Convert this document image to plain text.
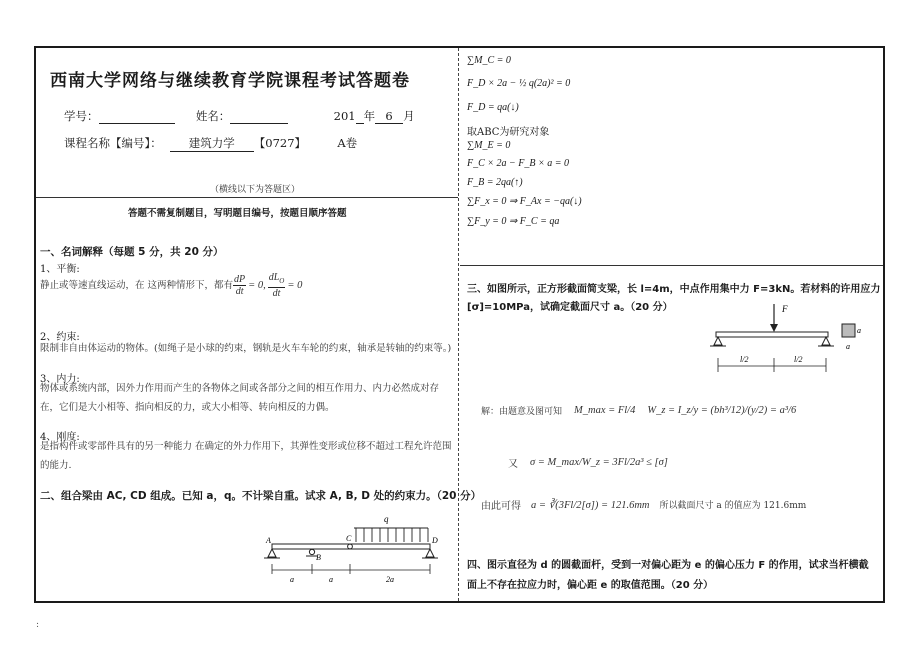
西南大学网络与继续教育学院课程考试答题卷
学号：	姓名：	201 年 6 月
课程名称【编号】： 建筑力学 【0727】	A卷
（横线以下为答题区）
答题不需复制题目，写明题目编号，按题目顺序答题
一、名词解释（每题 5 分，共 20 分）
1、平衡:
静止或等速直线运动，在 这两种情形下，都有 $\frac{dP}{dt} = 0$, $\frac{dL_O}{dt} = 0$
2、约束:
限制非自由体运动的物体。(如绳子是小球的约束，钢轨是火车车轮的约束，轴承是转轴的约束等。)
3、内力:
物体或系统内部，因外力作用而产生的各物体之间或各部分之间的相互作用力、内力必然成对存在，它们是大小相等、指向相反的力，或大小相等、转向相反的力偶。
4、刚度:
是指构件或零部件具有的另一种能力 在确定的外力作用下，其弹性变形或位移不超过工程允许范围的能力.
二、组合梁由 AC, CD 组成。已知 a，q。不计梁自重。试求 A, B, D 处的约束力。（20 分）
q
A	C	D
B
a	a	2a
∑M_C = 0
F_D × 2a − ½ q(2a)² = 0
F_D = qa(↓)
取ABC为研究对象
∑M_E = 0
F_C × 2a − F_B × a = 0
F_B = 2qa(↑)
∑F_x = 0 ⇒ F_Ax = −qa(↓)
∑F_y = 0 ⇒ F_C = qa
三、如图所示，正方形截面简支梁，长 l=4m，中点作用集中力 F=3kN。若材料的许用应力
[σ]=10MPa，试确定截面尺寸 a。（20 分）	F
a
a
l/2	l/2
解：由题意及图可知 M_max = Fl/4 W_z = I_z/y = (bh³/12)/(y/2) = a³/6
又 σ = M_max/W_z = 3Fl/2a³ ≤ [σ]
由此可得 a = ∛(3Fl/2[σ]) = 121.6mm 所以截面尺寸 a 的值应为 121.6mm
四、图示直径为 d 的圆截面杆，受到一对偏心距为 e 的偏心压力 F 的作用，试求当杆横截
面上不存在拉应力时，偏心距 e 的取值范围。（20 分）
:
